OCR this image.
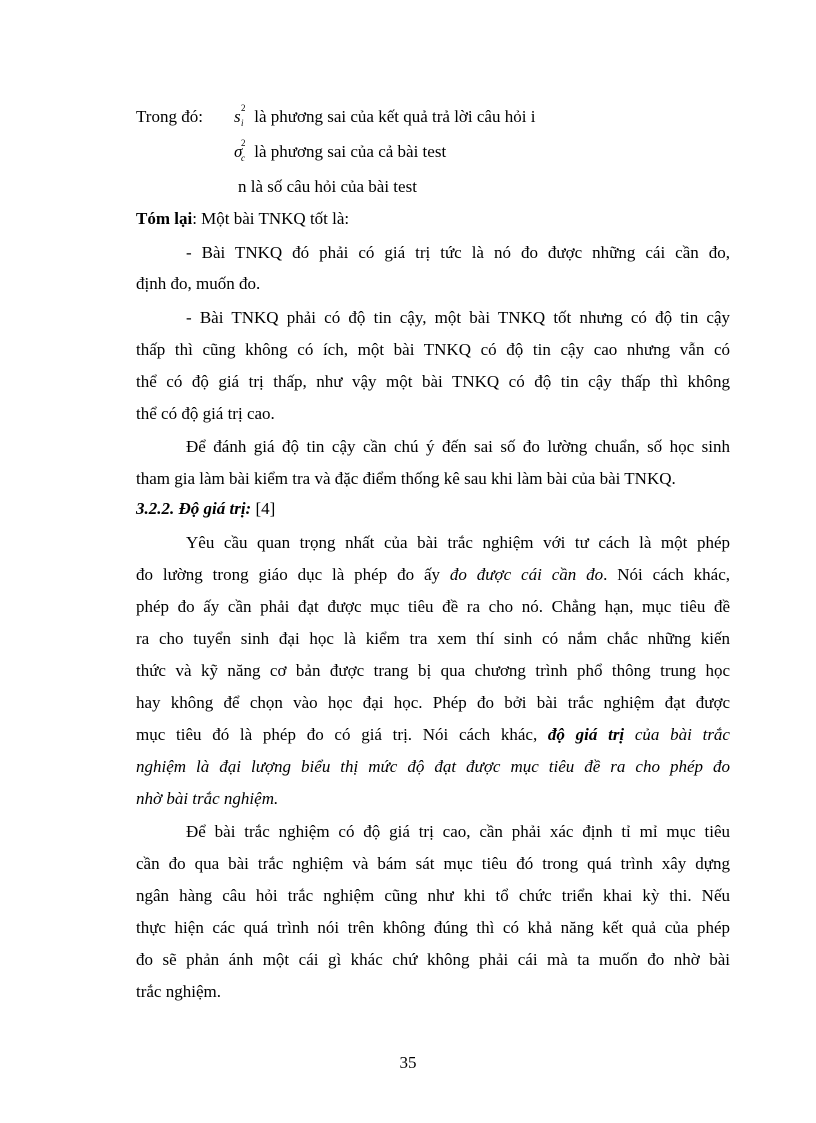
Trong đó: s 2
i là phương sai của kết quả trả lời câu hỏi i
σ
2
c là phương sai của cả bài test
n là số câu hỏi của bài test
Tóm lại: Một bài TNKQ tốt là:
- Bài TNKQ đó phải có giá trị tức là nó đo được những cái cần đo,
định đo, muốn đo.
- Bài TNKQ phải có độ tin cậy, một bài TNKQ tốt nhưng có độ tin cậy
thấp thì cũng không có ích, một bài TNKQ có độ tin cậy cao nhưng vẫn có
thể có độ giá trị thấp, như vậy một bài TNKQ có độ tin cậy thấp thì không
thể có độ giá trị cao.
Để đánh giá độ tin cậy cần chú ý đến sai số đo lường chuẩn, số học sinh
tham gia làm bài kiểm tra và đặc điểm thống kê sau khi làm bài của bài TNKQ.
3.2.2. Độ giá trị: [4]
Yêu cầu quan trọng nhất của bài trắc nghiệm với tư cách là một phép
đo lường trong giáo dục là phép đo ấy đo được cái cần đo. Nói cách khác,
phép đo ấy cần phải đạt được mục tiêu đề ra cho nó. Chẳng hạn, mục tiêu đề
ra cho tuyển sinh đại học là kiểm tra xem thí sinh có nắm chắc những kiến
thức và kỹ năng cơ bản được trang bị qua chương trình phổ thông trung học
hay không để chọn vào học đại học. Phép đo bởi bài trắc nghiệm đạt được
mục tiêu đó là phép đo có giá trị. Nói cách khác, độ giá trị của bài trắc
nghiệm là đại lượng biểu thị mức độ đạt được mục tiêu đề ra cho phép đo
nhờ bài trắc nghiệm.
Để bài trắc nghiệm có độ giá trị cao, cần phải xác định tỉ mỉ mục tiêu
cần đo qua bài trắc nghiệm và bám sát mục tiêu đó trong quá trình xây dựng
ngân hàng câu hỏi trắc nghiệm cũng như khi tổ chức triển khai kỳ thi. Nếu
thực hiện các quá trình nói trên không đúng thì có khả năng kết quả của phép
đo sẽ phản ánh một cái gì khác chứ không phải cái mà ta muốn đo nhờ bài
trắc nghiệm.
35
